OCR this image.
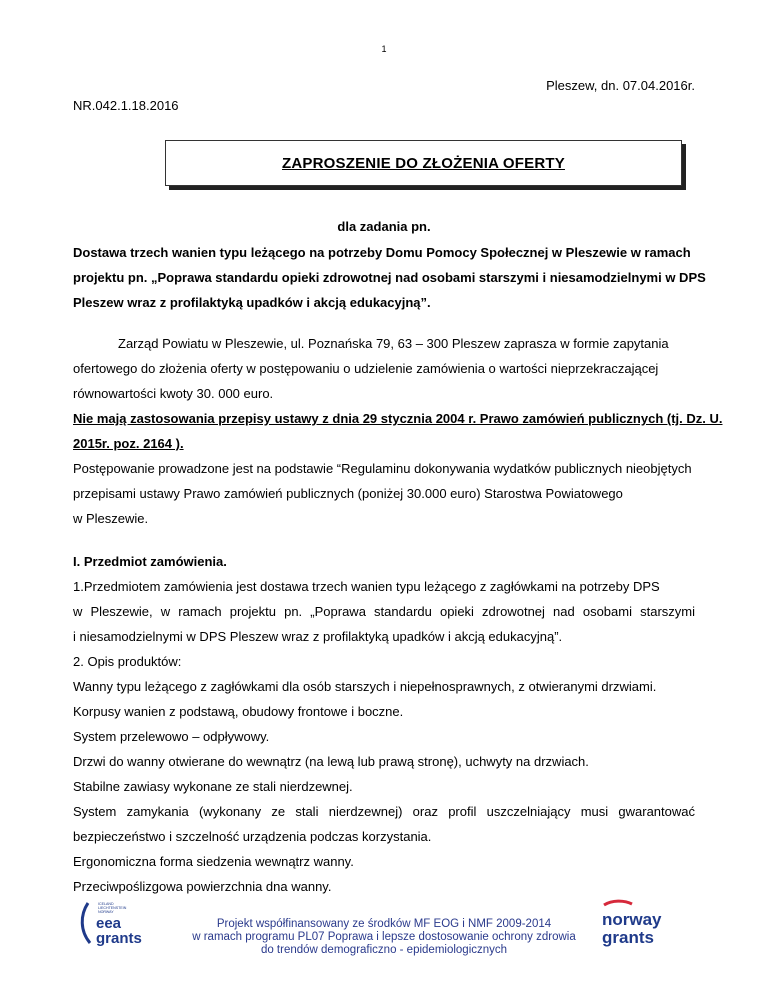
1
Pleszew, dn. 07.04.2016r.
NR.042.1.18.2016
ZAPROSZENIE DO ZŁOŻENIA OFERTY
dla zadania pn.
Dostawa trzech wanien typu leżącego na potrzeby Domu Pomocy Społecznej w Pleszewie w ramach
projektu pn. „Poprawa standardu opieki zdrowotnej nad osobami starszymi i niesamodzielnymi w DPS
Pleszew wraz z profilaktyką upadków i akcją edukacyjną”.
Zarząd Powiatu w Pleszewie, ul. Poznańska 79, 63 – 300 Pleszew zaprasza w formie zapytania
ofertowego do złożenia oferty w postępowaniu o udzielenie zamówienia o wartości nieprzekraczającej
równowartości kwoty 30. 000 euro.
Nie mają zastosowania przepisy ustawy z dnia 29 stycznia 2004 r. Prawo zamówień publicznych (tj. Dz. U.
2015r. poz. 2164 ).
Postępowanie prowadzone jest na podstawie “Regulaminu dokonywania wydatków publicznych nieobjętych
przepisami ustawy Prawo zamówień publicznych (poniżej 30.000 euro) Starostwa Powiatowego
w Pleszewie.
I. Przedmiot zamówienia.
1.Przedmiotem zamówienia jest dostawa trzech wanien typu leżącego z zagłówkami na potrzeby DPS
w Pleszewie, w ramach projektu pn. „Poprawa standardu opieki zdrowotnej nad osobami starszymi
i niesamodzielnymi w DPS Pleszew wraz z profilaktyką upadków i akcją edukacyjną”.
2. Opis produktów:
Wanny typu leżącego z zagłówkami dla osób starszych i niepełnosprawnych, z otwieranymi drzwiami.
Korpusy wanien z podstawą, obudowy frontowe i boczne.
System przelewowo – odpływowy.
Drzwi do wanny otwierane do wewnątrz (na lewą lub prawą stronę), uchwyty na drzwiach.
Stabilne zawiasy wykonane ze stali nierdzewnej.
System zamykania (wykonany ze stali nierdzewnej) oraz profil uszczelniający musi gwarantować
bezpieczeństwo i szczelność urządzenia podczas korzystania.
Ergonomiczna forma siedzenia wewnątrz wanny.
Przeciwpoślizgowa powierzchnia dna wanny.
ICELAND
LIECHTENSTEIN
NORWAY
eea
grants
Projekt współfinansowany ze środków MF EOG i NMF 2009-2014
w ramach programu PL07 Poprawa i lepsze dostosowanie ochrony zdrowia
do trendów demograficzno - epidemiologicznych
norway
grants
